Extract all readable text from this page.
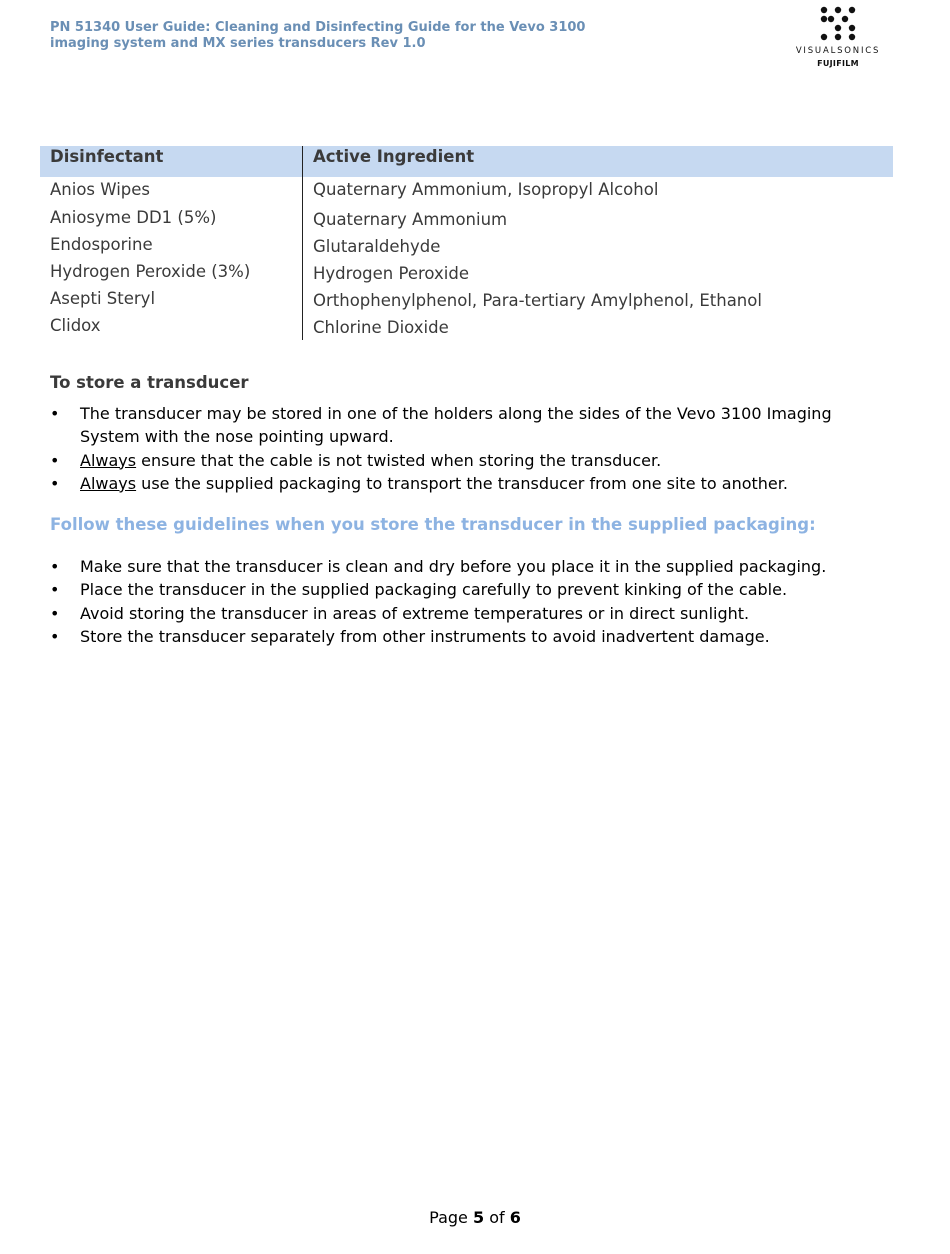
PN 51340 User Guide: Cleaning and Disinfecting Guide for the Vevo 3100
imaging system and MX series transducers Rev 1.0	VISUALSONICS
FUJIFILM
Disinfectant	Active Ingredient
Anios Wipes	Quaternary Ammonium, Isopropyl Alcohol
Aniosyme DD1 (5%)	Quaternary Ammonium
Endosporine	Glutaraldehyde
Hydrogen Peroxide (3%)	Hydrogen Peroxide
Asepti Steryl	Orthophenylphenol, Para-tertiary Amylphenol, Ethanol
Clidox	Chlorine Dioxide
To store a transducer
• The transducer may be stored in one of the holders along the sides of the Vevo 3100 Imaging System with the nose pointing upward.
• Always ensure that the cable is not twisted when storing the transducer.
• Always use the supplied packaging to transport the transducer from one site to another.
Follow these guidelines when you store the transducer in the supplied packaging:
• Make sure that the transducer is clean and dry before you place it in the supplied packaging.
• Place the transducer in the supplied packaging carefully to prevent kinking of the cable.
• Avoid storing the transducer in areas of extreme temperatures or in direct sunlight.
• Store the transducer separately from other instruments to avoid inadvertent damage.
Page 5 of 6
